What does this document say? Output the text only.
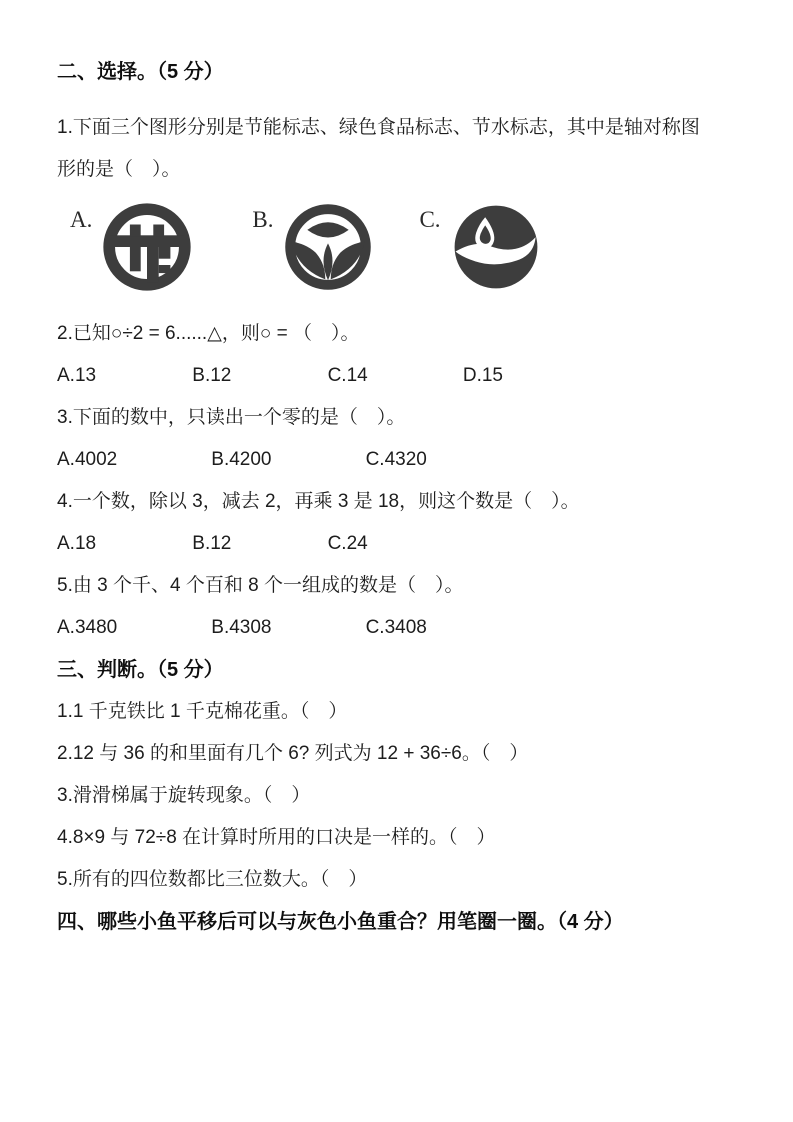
二、选择。（5 分）

1.下面三个图形分别是节能标志、绿色食品标志、节水标志，其中是轴对称图
形的是（　）。

A.	B.	C.

2.已知○÷2 = 6......△，则○ = （　）。

A.13	B.12	C.14	D.15

3.下面的数中，只读出一个零的是（　）。

A.4002	B.4200	C.4320

4.一个数，除以 3，减去 2，再乘 3 是 18，则这个数是（　）。

A.18	B.12	C.24

5.由 3 个千、4 个百和 8 个一组成的数是（　）。

A.3480	B.4308	C.3408

三、判断。（5 分）

1.1 千克铁比 1 千克棉花重。（　）

2.12 与 36 的和里面有几个 6? 列式为 12 + 36÷6。（　）

3.滑滑梯属于旋转现象。（　）

4.8×9 与 72÷8 在计算时所用的口决是一样的。（　）

5.所有的四位数都比三位数大。（　）

四、哪些小鱼平移后可以与灰色小鱼重合？用笔圈一圈。（4 分）
